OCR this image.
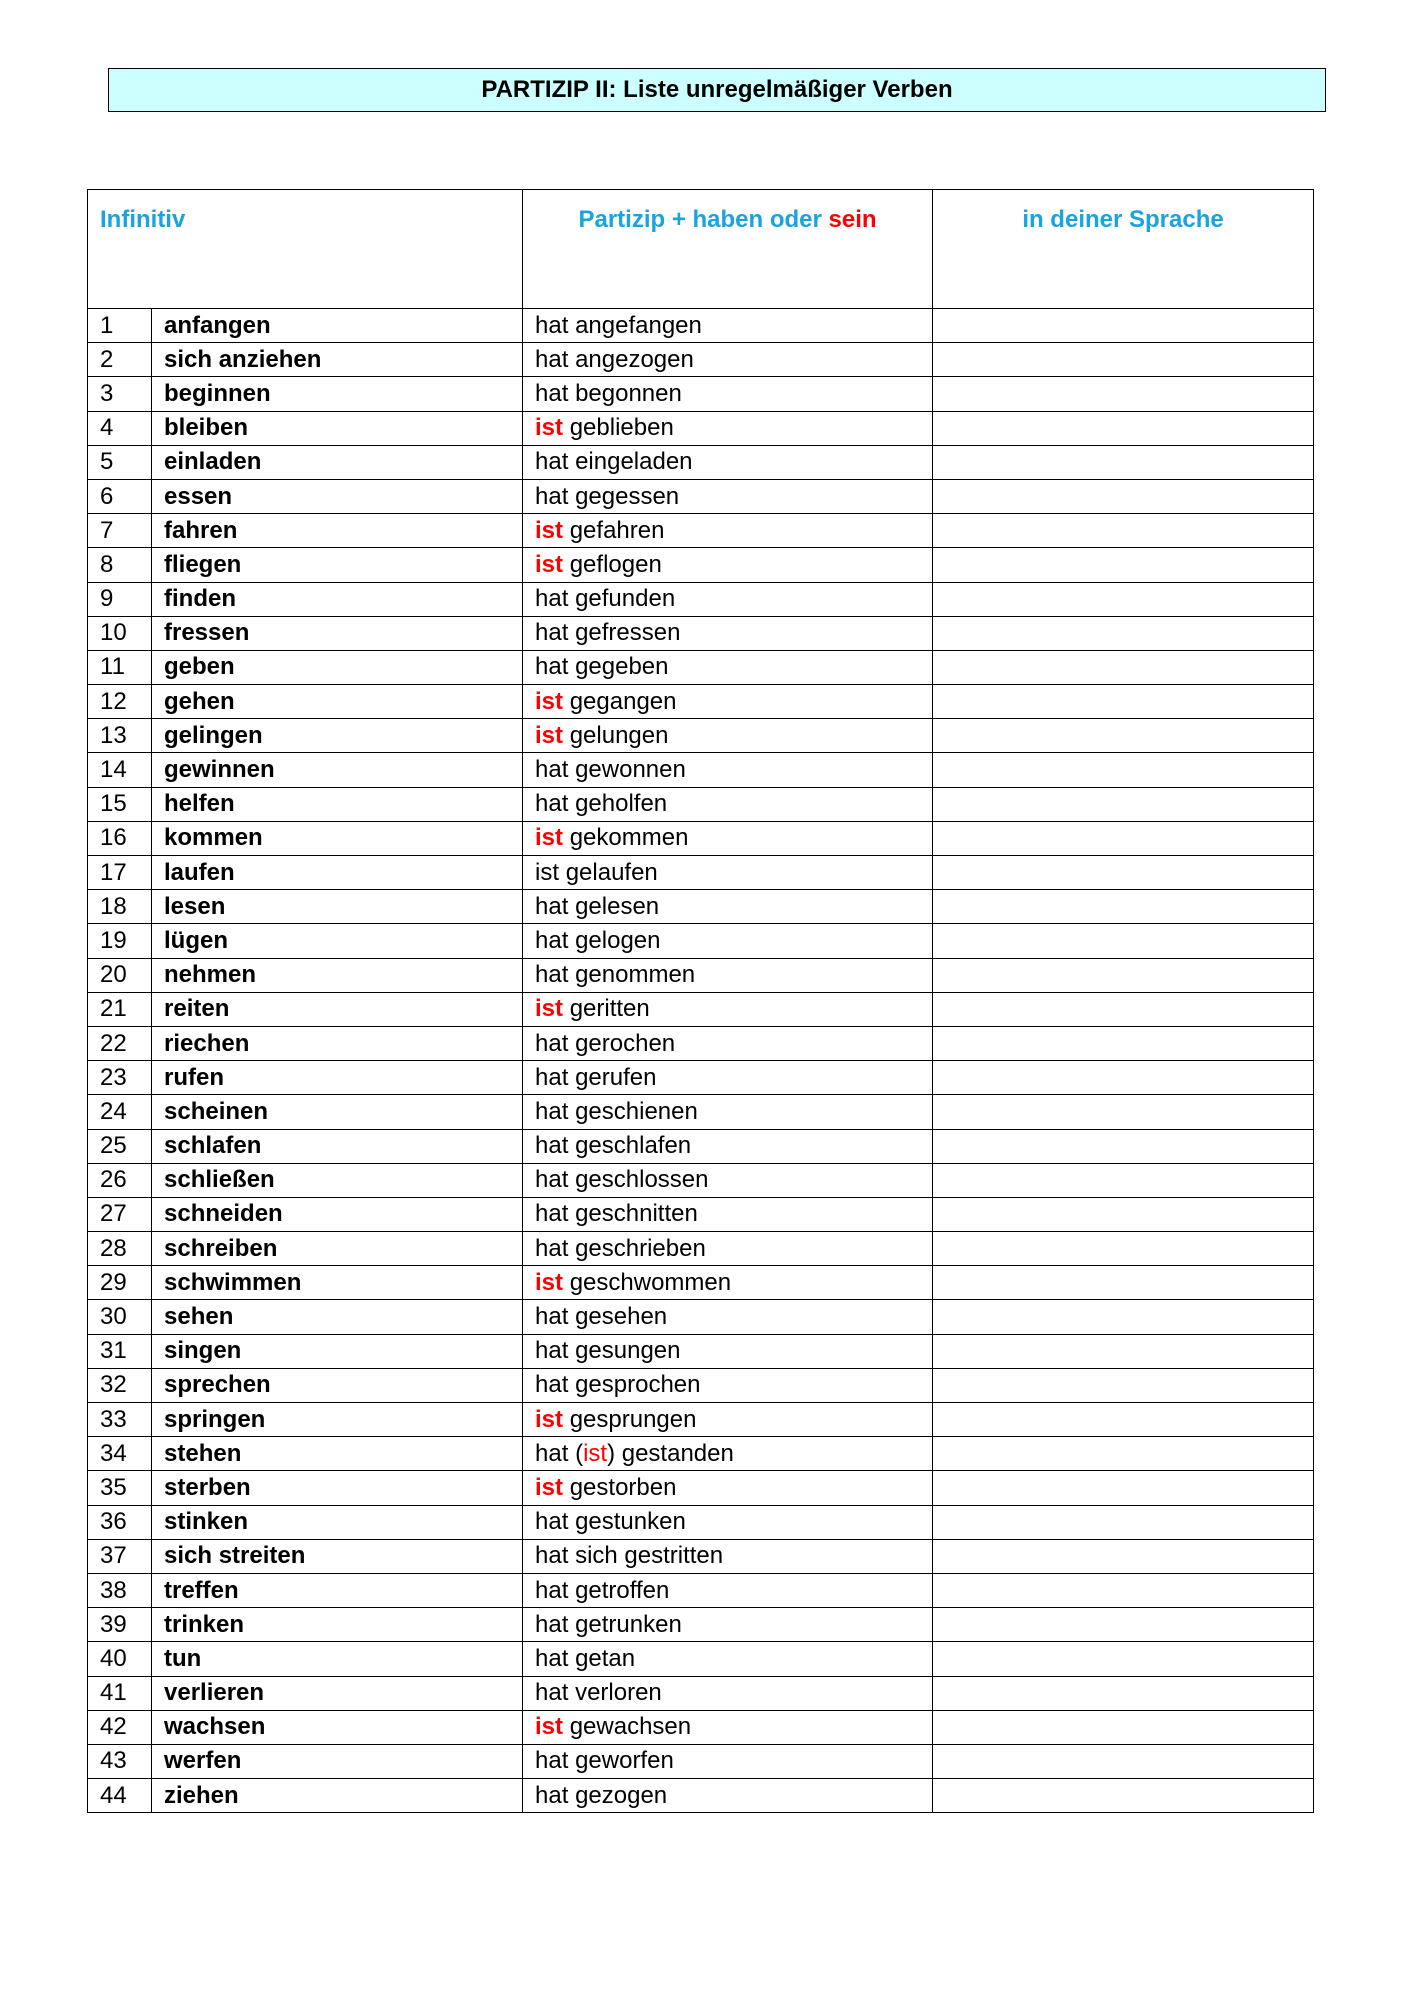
PARTIZIP II: Liste unregelmäßiger Verben
Infinitiv		Partizip + haben oder sein	in deiner Sprache
1	anfangen	hat angefangen	
2	sich anziehen	hat angezogen	
3	beginnen	hat begonnen	
4	bleiben	ist geblieben	
5	einladen	hat eingeladen	
6	essen	hat gegessen	
7	fahren	ist gefahren	
8	fliegen	ist geflogen	
9	finden	hat gefunden	
10	fressen	hat gefressen	
11	geben	hat gegeben	
12	gehen	ist gegangen	
13	gelingen	ist gelungen	
14	gewinnen	hat gewonnen	
15	helfen	hat geholfen	
16	kommen	ist gekommen	
17	laufen	ist gelaufen	
18	lesen	hat gelesen	
19	lügen	hat gelogen	
20	nehmen	hat genommen	
21	reiten	ist geritten	
22	riechen	hat gerochen	
23	rufen	hat gerufen	
24	scheinen	hat geschienen	
25	schlafen	hat geschlafen	
26	schließen	hat geschlossen	
27	schneiden	hat geschnitten	
28	schreiben	hat geschrieben	
29	schwimmen	ist geschwommen	
30	sehen	hat gesehen	
31	singen	hat gesungen	
32	sprechen	hat gesprochen	
33	springen	ist gesprungen	
34	stehen	hat (ist) gestanden	
35	sterben	ist gestorben	
36	stinken	hat gestunken	
37	sich streiten	hat sich gestritten	
38	treffen	hat getroffen	
39	trinken	hat getrunken	
40	tun	hat getan	
41	verlieren	hat verloren	
42	wachsen	ist gewachsen	
43	werfen	hat geworfen	
44	ziehen	hat gezogen	
